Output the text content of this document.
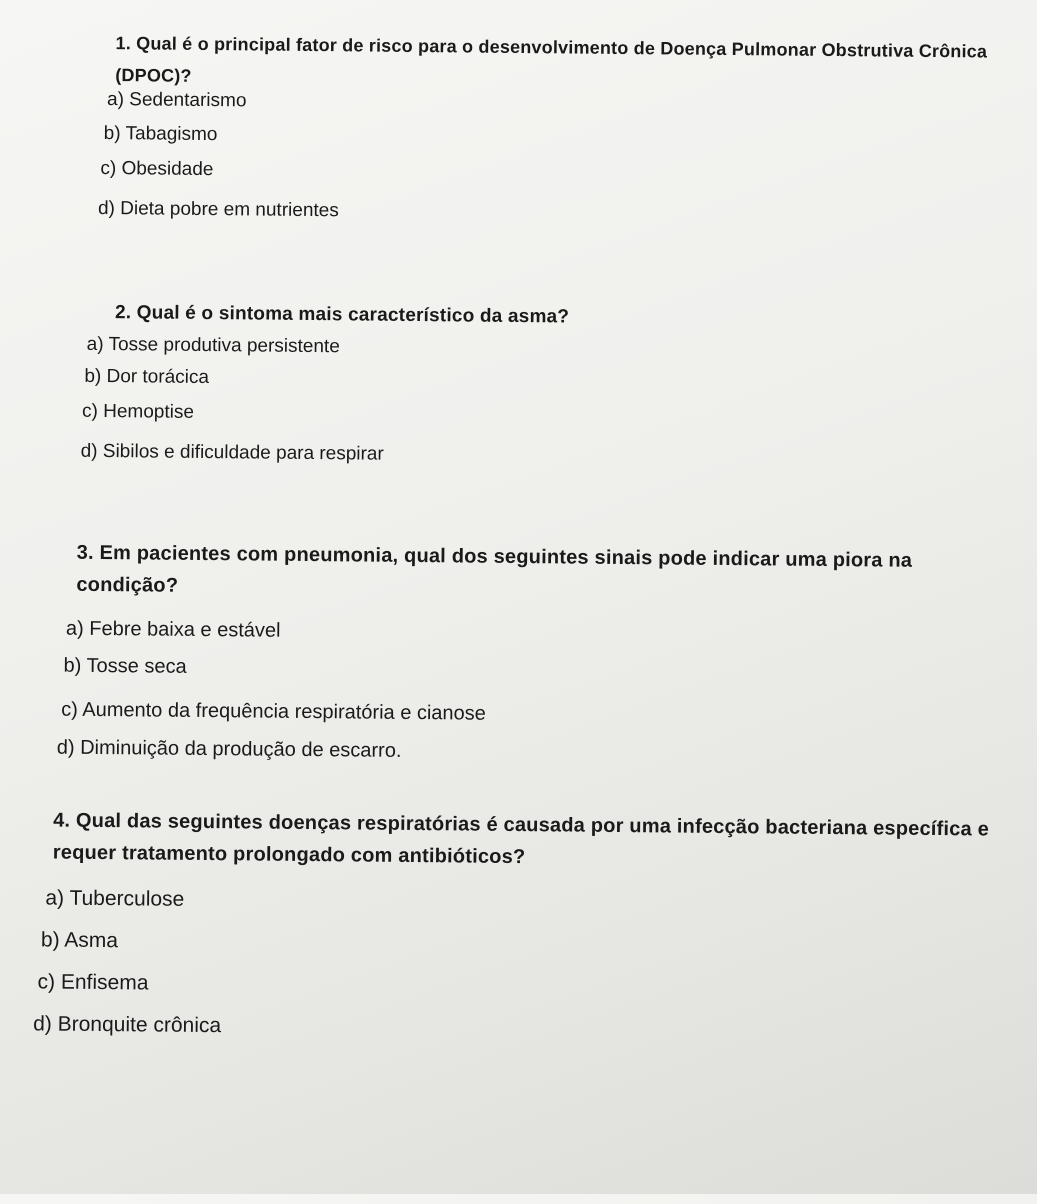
1. Qual é o principal fator de risco para o desenvolvimento de Doença Pulmonar Obstrutiva Crônica (DPOC)?
a) Sedentarismo
b) Tabagismo
c) Obesidade
d) Dieta pobre em nutrientes
2. Qual é o sintoma mais característico da asma?
a) Tosse produtiva persistente
b) Dor torácica
c) Hemoptise
d) Sibilos e dificuldade para respirar
3. Em pacientes com pneumonia, qual dos seguintes sinais pode indicar uma piora na condição?
a) Febre baixa e estável
b) Tosse seca
c) Aumento da frequência respiratória e cianose
d) Diminuição da produção de escarro.
4. Qual das seguintes doenças respiratórias é causada por uma infecção bacteriana específica e requer tratamento prolongado com antibióticos?
a) Tuberculose
b) Asma
c) Enfisema
d) Bronquite crônica
